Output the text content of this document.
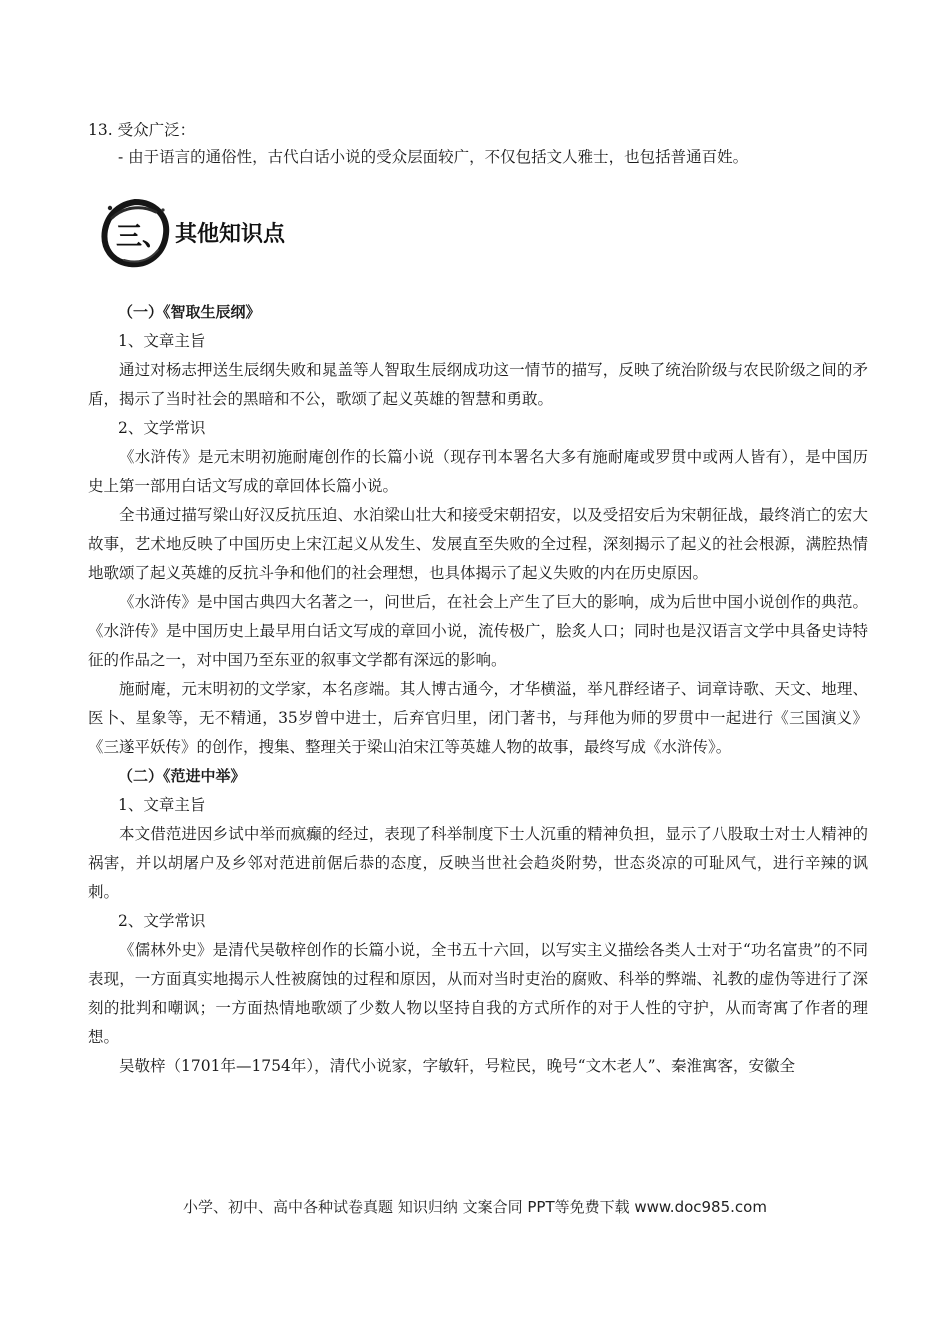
13. 受众广泛：
- 由于语言的通俗性，古代白话小说的受众层面较广，不仅包括文人雅士，也包括普通百姓。
三、 其他知识点

（一）《智取生辰纲》

1、文章主旨

通过对杨志押送生辰纲失败和晁盖等人智取生辰纲成功这一情节的描写，反映了统治阶级与农民阶级之间的矛盾，揭示了当时社会的黑暗和不公，歌颂了起义英雄的智慧和勇敢。

2、文学常识

《水浒传》是元末明初施耐庵创作的长篇小说（现存刊本署名大多有施耐庵或罗贯中或两人皆有），是中国历史上第一部用白话文写成的章回体长篇小说。

全书通过描写梁山好汉反抗压迫、水泊梁山壮大和接受宋朝招安，以及受招安后为宋朝征战，最终消亡的宏大故事，艺术地反映了中国历史上宋江起义从发生、发展直至失败的全过程，深刻揭示了起义的社会根源，满腔热情地歌颂了起义英雄的反抗斗争和他们的社会理想，也具体揭示了起义失败的内在历史原因。

《水浒传》是中国古典四大名著之一，问世后，在社会上产生了巨大的影响，成为后世中国小说创作的典范。《水浒传》是中国历史上最早用白话文写成的章回小说，流传极广，脍炙人口；同时也是汉语言文学中具备史诗特征的作品之一，对中国乃至东亚的叙事文学都有深远的影响。

施耐庵，元末明初的文学家，本名彦端。其人博古通今，才华横溢，举凡群经诸子、词章诗歌、天文、地理、医卜、星象等，无不精通，35岁曾中进士，后弃官归里，闭门著书，与拜他为师的罗贯中一起进行《三国演义》《三遂平妖传》的创作，搜集、整理关于梁山泊宋江等英雄人物的故事，最终写成《水浒传》。

（二）《范进中举》

1、文章主旨

本文借范进因乡试中举而疯癫的经过，表现了科举制度下士人沉重的精神负担，显示了八股取士对士人精神的祸害，并以胡屠户及乡邻对范进前倨后恭的态度，反映当世社会趋炎附势，世态炎凉的可耻风气，进行辛辣的讽刺。

2、文学常识

《儒林外史》是清代吴敬梓创作的长篇小说，全书五十六回，以写实主义描绘各类人士对于“功名富贵”的不同表现，一方面真实地揭示人性被腐蚀的过程和原因，从而对当时吏治的腐败、科举的弊端、礼教的虚伪等进行了深刻的批判和嘲讽；一方面热情地歌颂了少数人物以坚持自我的方式所作的对于人性的守护，从而寄寓了作者的理想。

吴敬梓（1701年—1754年），清代小说家，字敏轩，号粒民，晚号“文木老人”、秦淮寓客，安徽全

小学、初中、高中各种试卷真题 知识归纳 文案合同 PPT等免费下载 www.doc985.com
